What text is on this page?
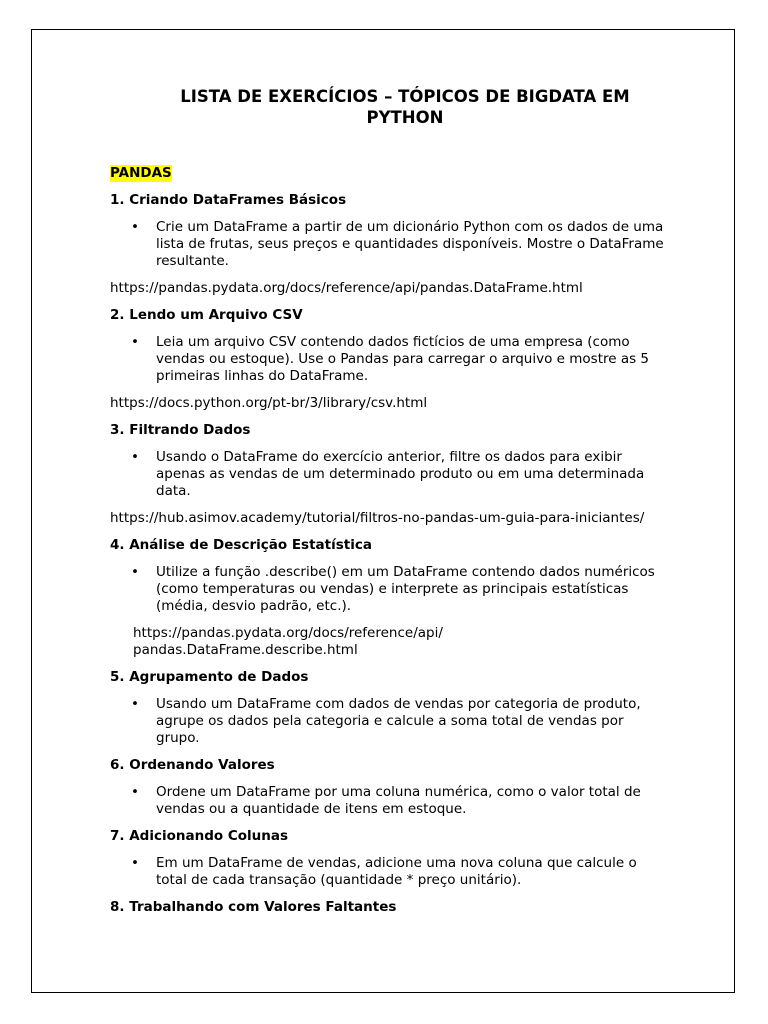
LISTA DE EXERCÍCIOS – TÓPICOS DE BIGDATA EM PYTHON
PANDAS
1. Criando DataFrames Básicos
• Crie um DataFrame a partir de um dicionário Python com os dados de uma lista de frutas, seus preços e quantidades disponíveis. Mostre o DataFrame resultante.
https://pandas.pydata.org/docs/reference/api/pandas.DataFrame.html
2. Lendo um Arquivo CSV
• Leia um arquivo CSV contendo dados fictícios de uma empresa (como vendas ou estoque). Use o Pandas para carregar o arquivo e mostre as 5 primeiras linhas do DataFrame.
https://docs.python.org/pt-br/3/library/csv.html
3. Filtrando Dados
• Usando o DataFrame do exercício anterior, filtre os dados para exibir apenas as vendas de um determinado produto ou em uma determinada data.
https://hub.asimov.academy/tutorial/filtros-no-pandas-um-guia-para-iniciantes/
4. Análise de Descrição Estatística
• Utilize a função .describe() em um DataFrame contendo dados numéricos (como temperaturas ou vendas) e interprete as principais estatísticas (média, desvio padrão, etc.).
https://pandas.pydata.org/docs/reference/api/ pandas.DataFrame.describe.html
5. Agrupamento de Dados
• Usando um DataFrame com dados de vendas por categoria de produto, agrupe os dados pela categoria e calcule a soma total de vendas por grupo.
6. Ordenando Valores
• Ordene um DataFrame por uma coluna numérica, como o valor total de vendas ou a quantidade de itens em estoque.
7. Adicionando Colunas
• Em um DataFrame de vendas, adicione uma nova coluna que calcule o total de cada transação (quantidade * preço unitário).
8. Trabalhando com Valores Faltantes
